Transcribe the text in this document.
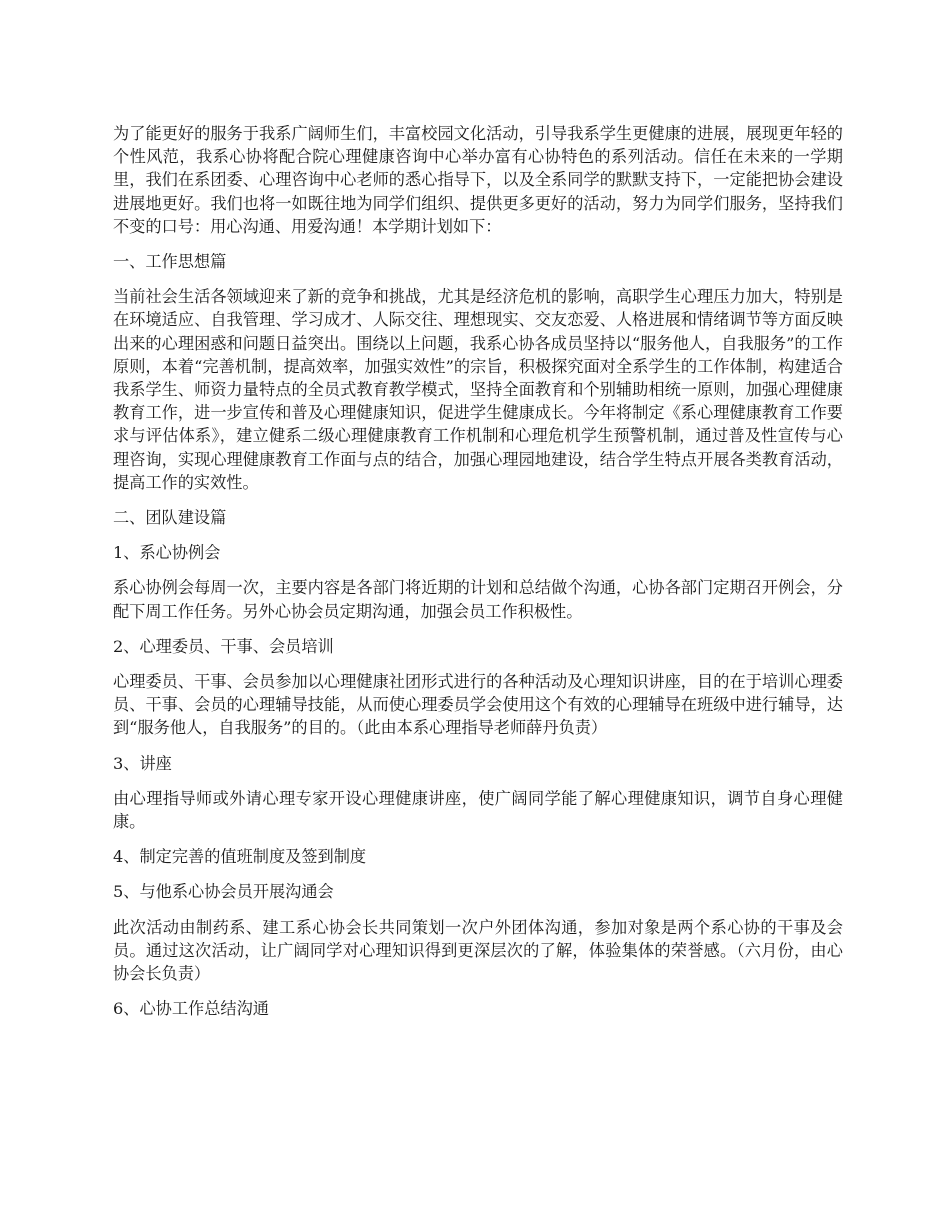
为了能更好的服务于我系广阔师生们，丰富校园文化活动，引导我系学生更健康的进展，展现更年轻的个性风范，我系心协将配合院心理健康咨询中心举办富有心协特色的系列活动。信任在未来的一学期里，我们在系团委、心理咨询中心老师的悉心指导下，以及全系同学的默默支持下，一定能把协会建设进展地更好。我们也将一如既往地为同学们组织、提供更多更好的活动，努力为同学们服务，坚持我们不变的口号：用心沟通、用爱沟通！本学期计划如下：

一、工作思想篇

当前社会生活各领域迎来了新的竞争和挑战，尤其是经济危机的影响，高职学生心理压力加大，特别是在环境适应、自我管理、学习成才、人际交往、理想现实、交友恋爱、人格进展和情绪调节等方面反映出来的心理困惑和问题日益突出。围绕以上问题，我系心协各成员坚持以“服务他人，自我服务”的工作原则，本着“完善机制，提高效率，加强实效性”的宗旨，积极探究面对全系学生的工作体制，构建适合我系学生、师资力量特点的全员式教育教学模式，坚持全面教育和个别辅助相统一原则，加强心理健康教育工作，进一步宣传和普及心理健康知识，促进学生健康成长。今年将制定《系心理健康教育工作要求与评估体系》，建立健系二级心理健康教育工作机制和心理危机学生预警机制，通过普及性宣传与心理咨询，实现心理健康教育工作面与点的结合，加强心理园地建设，结合学生特点开展各类教育活动，提高工作的实效性。

二、团队建设篇

1、系心协例会

系心协例会每周一次，主要内容是各部门将近期的计划和总结做个沟通，心协各部门定期召开例会，分配下周工作任务。另外心协会员定期沟通，加强会员工作积极性。

2、心理委员、干事、会员培训

心理委员、干事、会员参加以心理健康社团形式进行的各种活动及心理知识讲座，目的在于培训心理委员、干事、会员的心理辅导技能，从而使心理委员学会使用这个有效的心理辅导在班级中进行辅导，达到“服务他人，自我服务”的目的。（此由本系心理指导老师薛丹负责）

3、讲座

由心理指导师或外请心理专家开设心理健康讲座，使广阔同学能了解心理健康知识，调节自身心理健康。

4、制定完善的值班制度及签到制度

5、与他系心协会员开展沟通会

此次活动由制药系、建工系心协会长共同策划一次户外团体沟通，参加对象是两个系心协的干事及会员。通过这次活动，让广阔同学对心理知识得到更深层次的了解，体验集体的荣誉感。（六月份，由心协会长负责）

6、心协工作总结沟通
